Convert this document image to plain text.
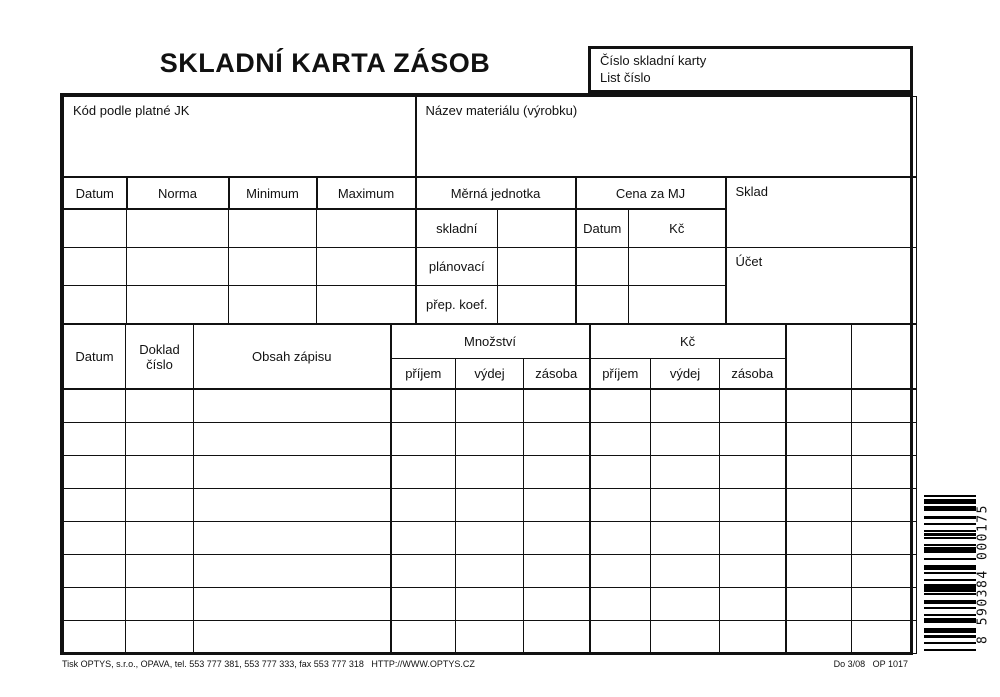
SKLADNÍ KARTA ZÁSOB	Číslo skladní karty
List číslo
Kód podle platné JK	Název materiálu (výrobku)
Datum	Norma	Minimum	Maximum	Měrná jednotka		Cena za MJ		Sklad
				skladní		Datum	Kč	
				plánovací				Účet
				přep. koef.				
Datum	Doklad číslo	Obsah zápisu	Množství			Kč				
			příjem	výdej	zásoba	příjem	výdej	zásoba		

Tisk OPTYS, s.r.o., OPAVA, tel. 553 777 381, 553 777 333, fax 553 777 318   HTTP://WWW.OPTYS.CZ	Do 3/08   OP 1017
8 590384 000175
